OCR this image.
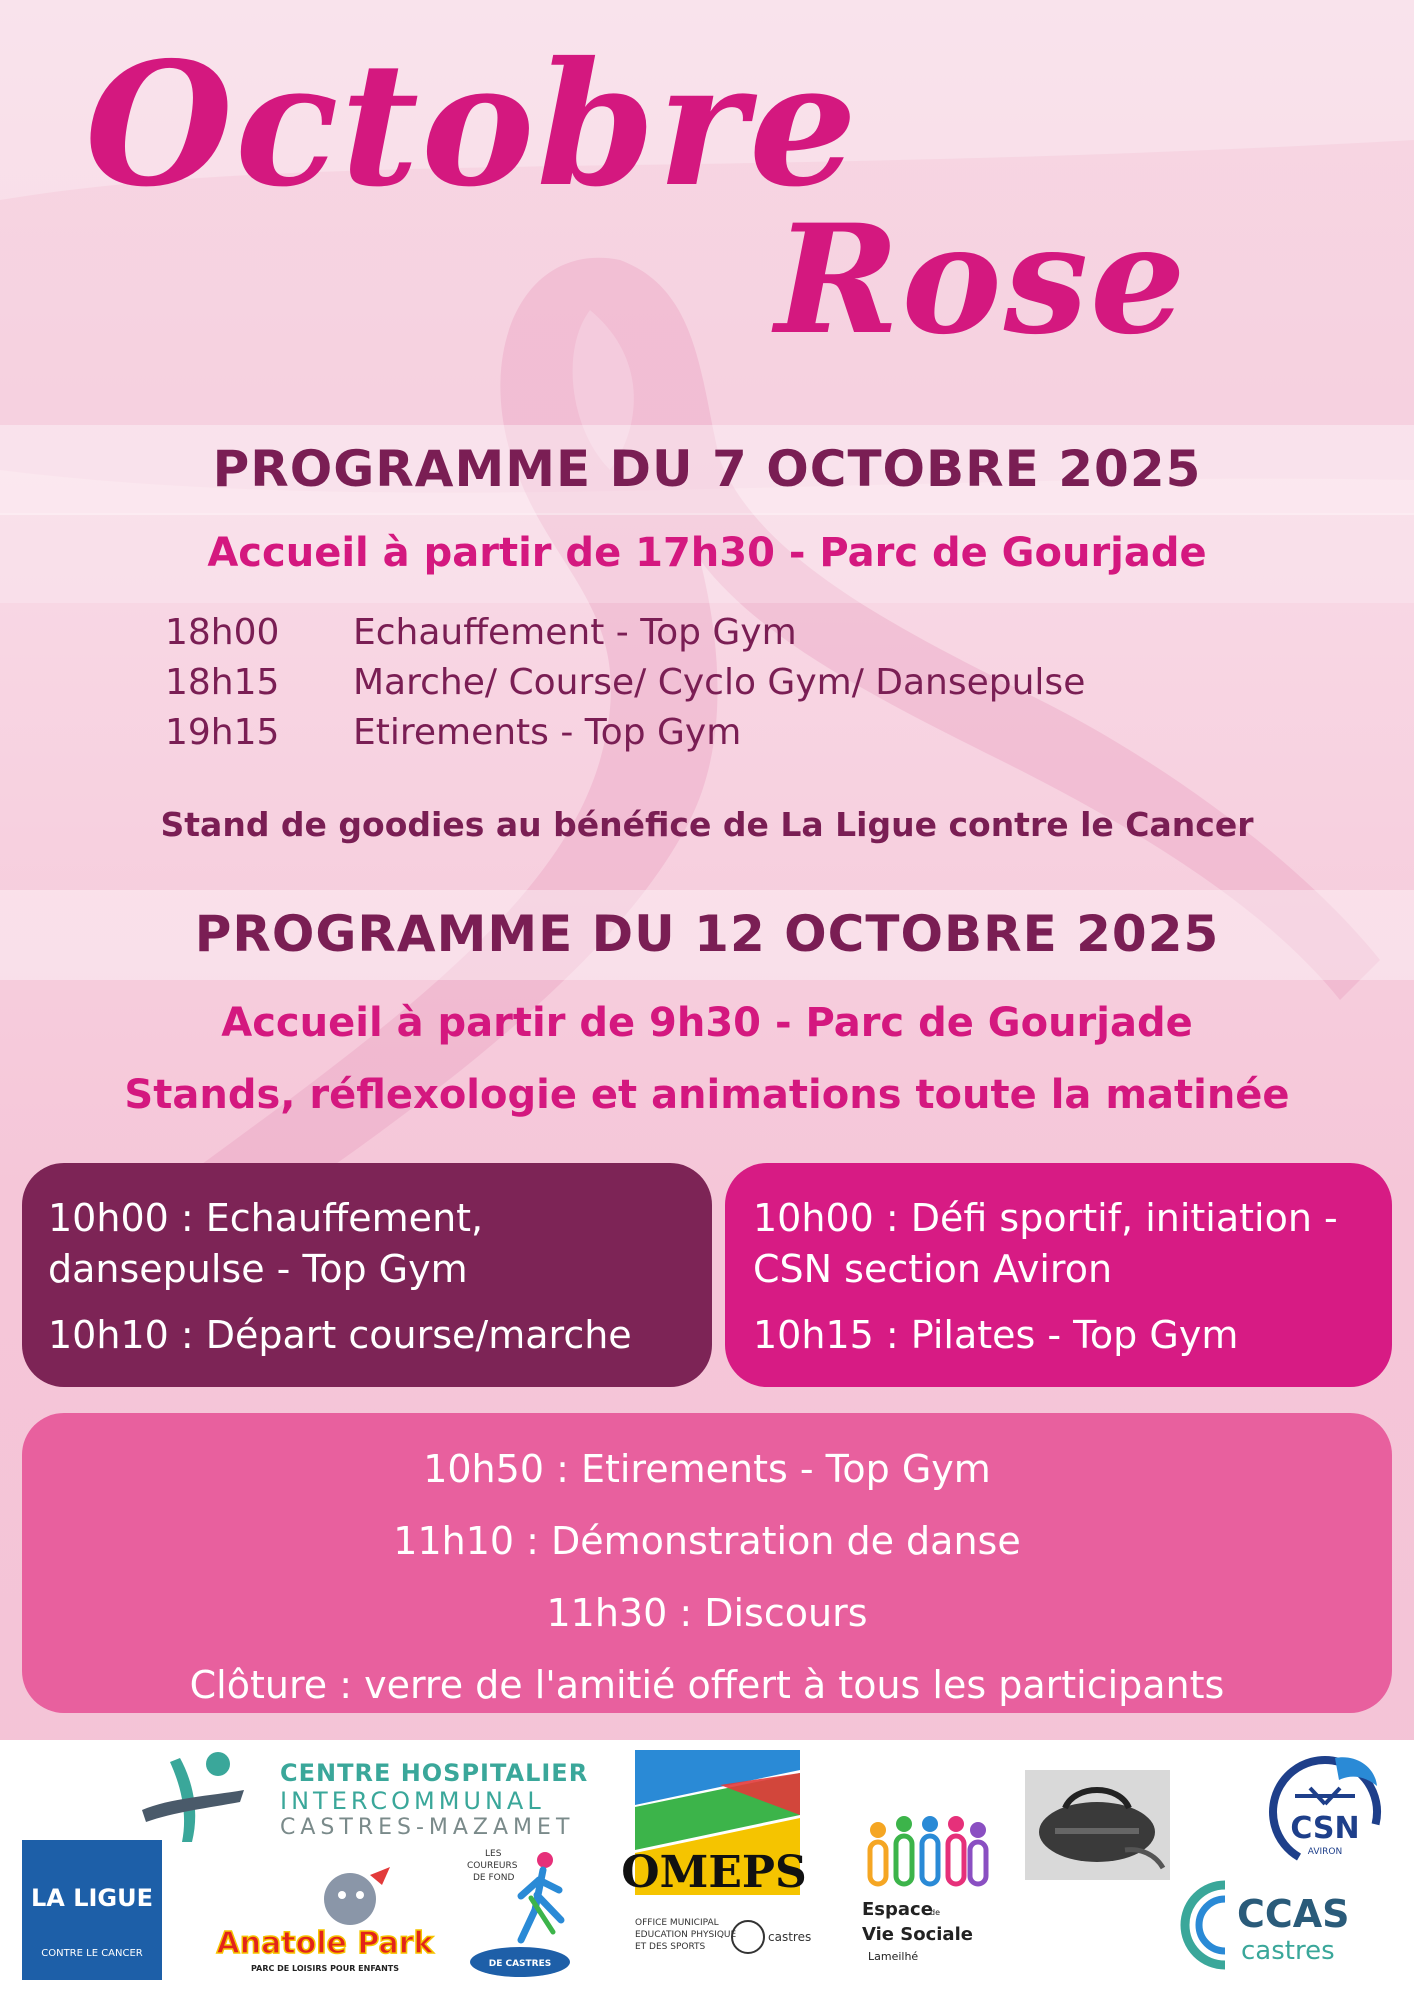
Octobre
Rose
PROGRAMME DU 7 OCTOBRE 2025
Accueil à partir de 17h30 - Parc de Gourjade
18h00	Echauffement - Top Gym
18h15	Marche/ Course/ Cyclo Gym/ Dansepulse
19h15	Etirements - Top Gym
Stand de goodies au bénéfice de La Ligue contre le Cancer
PROGRAMME DU 12 OCTOBRE 2025
Accueil à partir de 9h30 - Parc de Gourjade
Stands, réflexologie et animations toute la matinée

10h00 : Echauffement, dansepulse - Top Gym

10h10 : Départ course/marche

10h00 : Défi sportif, initiation - CSN section Aviron

10h15 : Pilates - Top Gym

10h50 : Etirements - Top Gym

11h10 : Démonstration de danse

11h30 : Discours

Clôture : verre de l'amitié offert à tous les participants

LA LIGUE
CONTRE LE CANCER
CENTRE HOSPITALIER
INTERCOMMUNAL
CASTRES-MAZAMET
Anatole Park
PARC DE LOISIRS POUR ENFANTS
LES
COUREURS
DE FOND
DE CASTRES
OMEPS
OFFICE MUNICIPAL
EDUCATION PHYSIQUE
ET DES SPORTS
castres
Espace
de
Vie Sociale
Lameilhé
CSN
AVIRON
CCAS
castres
